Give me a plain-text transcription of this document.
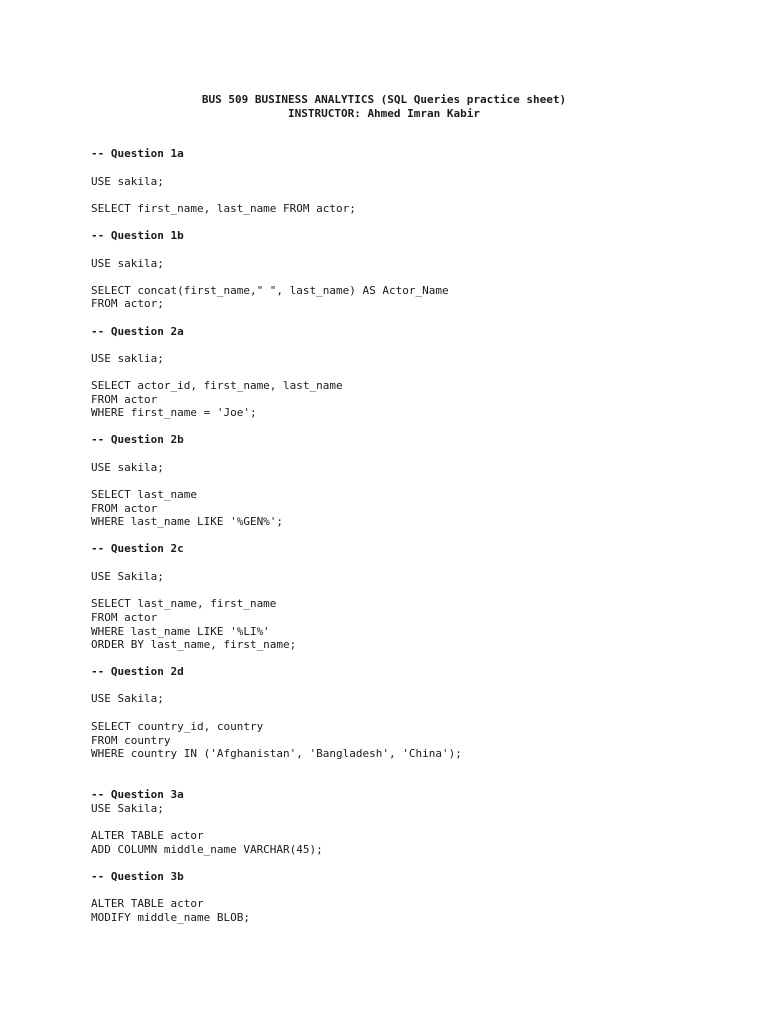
BUS 509 BUSINESS ANALYTICS (SQL Queries practice sheet)
INSTRUCTOR: Ahmed Imran Kabir
-- Question 1a
USE sakila;
SELECT first_name, last_name FROM actor;
-- Question 1b
USE sakila;
SELECT concat(first_name," ", last_name) AS Actor_Name
FROM actor;
-- Question 2a
USE saklia;
SELECT actor_id, first_name, last_name
FROM actor
WHERE first_name = 'Joe';
-- Question 2b
USE sakila;
SELECT last_name
FROM actor
WHERE last_name LIKE '%GEN%';
-- Question 2c
USE Sakila;
SELECT last_name, first_name
FROM actor
WHERE last_name LIKE '%LI%'
ORDER BY last_name, first_name;
-- Question 2d
USE Sakila;
SELECT country_id, country
FROM country
WHERE country IN ('Afghanistan', 'Bangladesh', 'China');
-- Question 3a
USE Sakila;
ALTER TABLE actor
ADD COLUMN middle_name VARCHAR(45);
-- Question 3b
ALTER TABLE actor
MODIFY middle_name BLOB;
